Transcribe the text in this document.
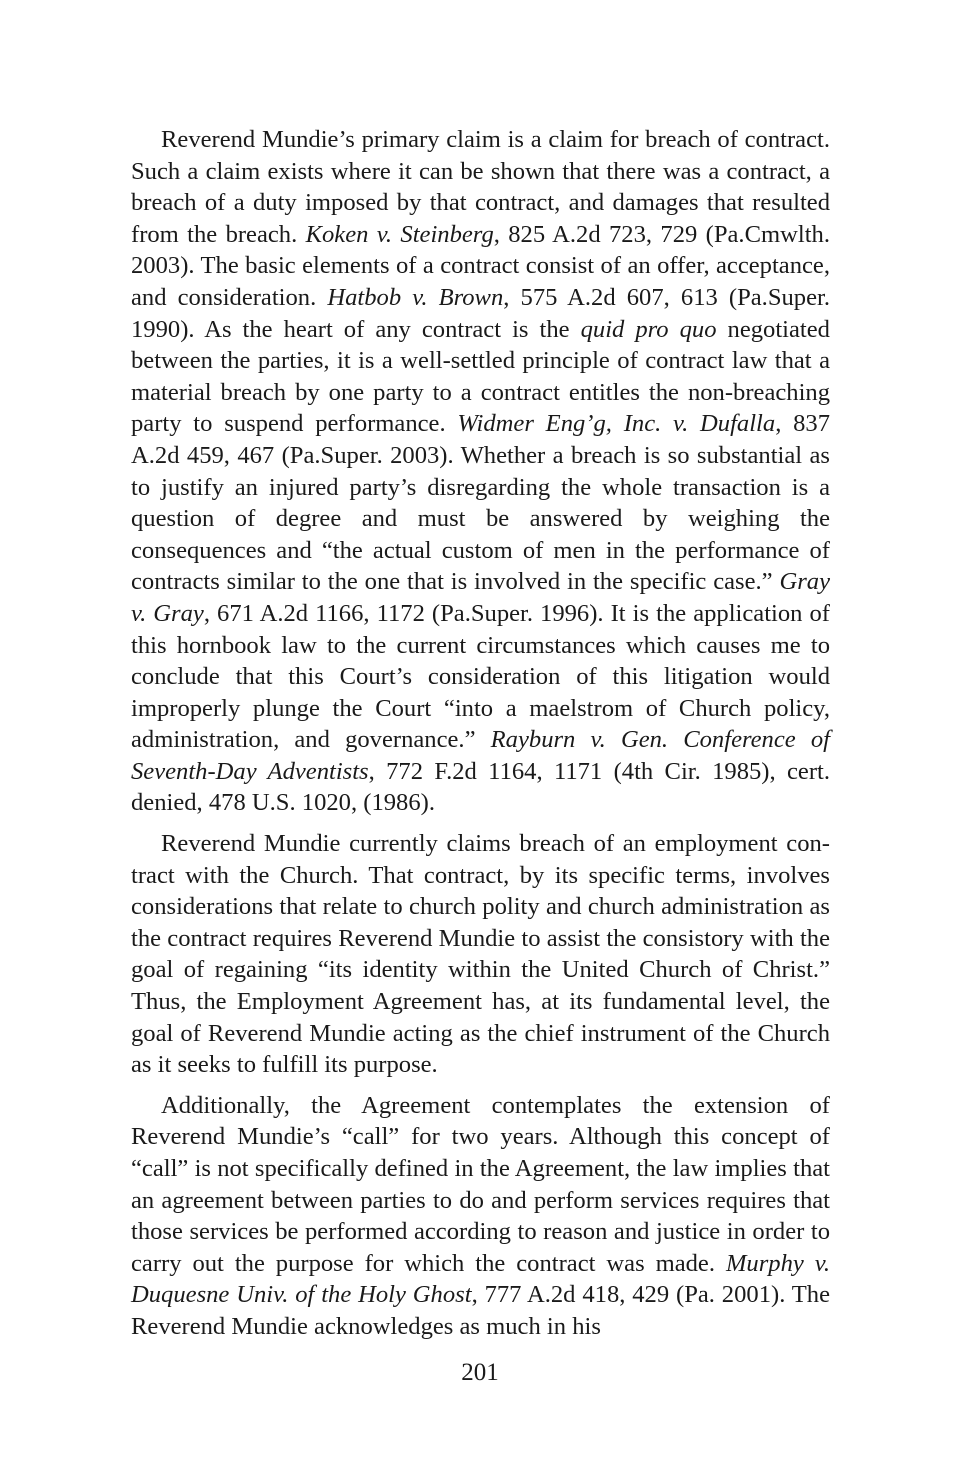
Reverend Mundie’s primary claim is a claim for breach of contract. Such a claim exists where it can be shown that there was a contract, a breach of a duty imposed by that contract, and damages that resulted from the breach. Koken v. Steinberg, 825 A.2d 723, 729 (Pa.Cmwlth. 2003). The basic elements of a contract consist of an offer, acceptance, and consideration. Hatbob v. Brown, 575 A.2d 607, 613 (Pa.Super. 1990). As the heart of any contract is the quid pro quo negotiated between the parties, it is a well-settled principle of contract law that a material breach by one party to a contract entitles the non-breaching party to suspend performance. Widmer Eng’g, Inc. v. Dufalla, 837 A.2d 459, 467 (Pa.Super. 2003). Whether a breach is so substantial as to justify an injured party’s disregarding the whole transaction is a question of degree and must be answered by weighing the consequences and “the actual custom of men in the performance of contracts similar to the one that is involved in the specific case.” Gray v. Gray, 671 A.2d 1166, 1172 (Pa.Super. 1996). It is the application of this hornbook law to the current circumstances which causes me to conclude that this Court’s consideration of this litigation would improperly plunge the Court “into a maelstrom of Church policy, administration, and governance.” Rayburn v. Gen. Conference of Seventh-Day Adventists, 772 F.2d 1164, 1171 (4th Cir. 1985), cert. denied, 478 U.S. 1020, (1986).

Reverend Mundie currently claims breach of an employment contract with the Church. That contract, by its specific terms, involves considerations that relate to church polity and church administration as the contract requires Reverend Mundie to assist the consistory with the goal of regaining “its identity within the United Church of Christ.” Thus, the Employment Agreement has, at its fundamental level, the goal of Reverend Mundie acting as the chief instrument of the Church as it seeks to fulfill its purpose.

Additionally, the Agreement contemplates the extension of Reverend Mundie’s “call” for two years. Although this concept of “call” is not specifically defined in the Agreement, the law implies that an agreement between parties to do and perform services requires that those services be performed according to reason and justice in order to carry out the purpose for which the contract was made. Murphy v. Duquesne Univ. of the Holy Ghost, 777 A.2d 418, 429 (Pa. 2001). The Reverend Mundie acknowledges as much in his

201
